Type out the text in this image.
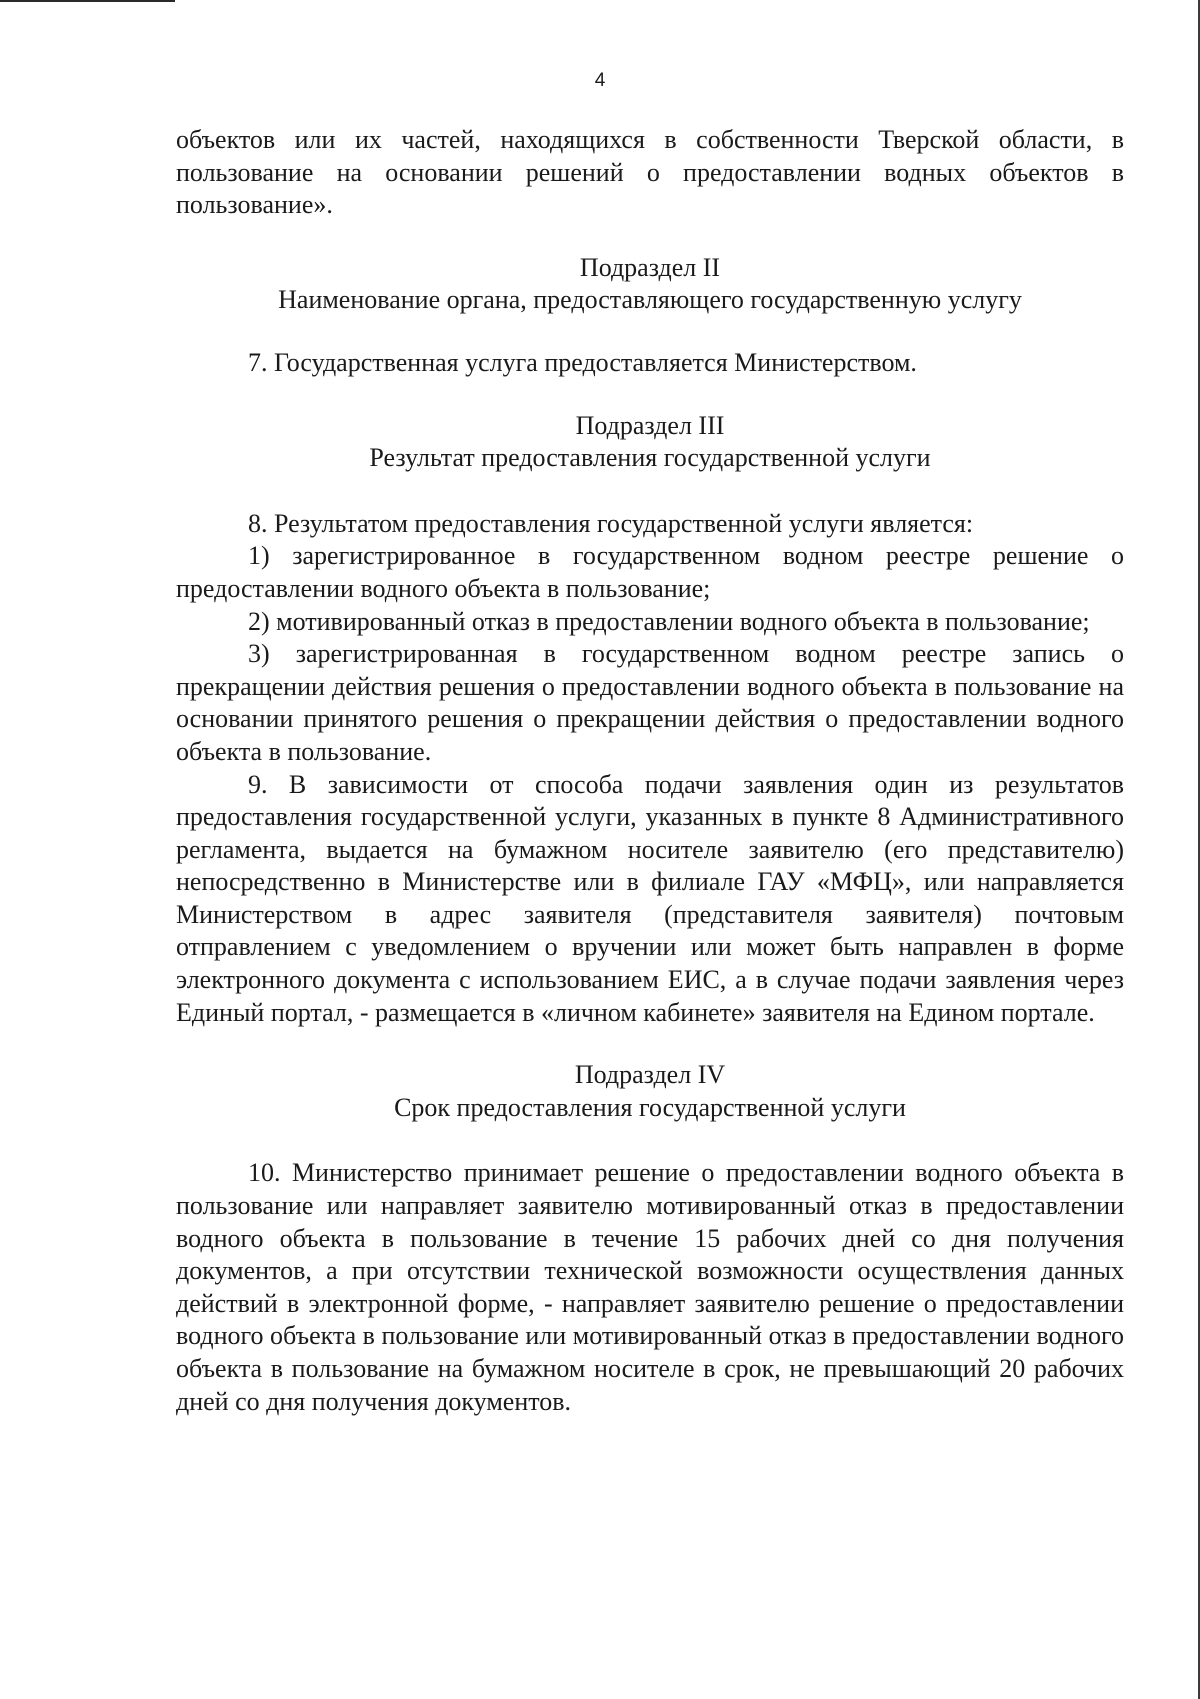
4

объектов или их частей, находящихся в собственности Тверской области, в пользование на основании решений о предоставлении водных объектов в пользование».

Подраздел II
Наименование органа, предоставляющего государственную услугу

7. Государственная услуга предоставляется Министерством.

Подраздел III
Результат предоставления государственной услуги

8. Результатом предоставления государственной услуги является:

1) зарегистрированное в государственном водном реестре решение о предоставлении водного объекта в пользование;

2) мотивированный отказ в предоставлении водного объекта в пользование;

3) зарегистрированная в государственном водном реестре запись о прекращении действия решения о предоставлении водного объекта в пользование на основании принятого решения о прекращении действия о предоставлении водного объекта в пользование.

9. В зависимости от способа подачи заявления один из результатов предоставления государственной услуги, указанных в пункте 8 Административного регламента, выдается на бумажном носителе заявителю (его представителю) непосредственно в Министерстве или в филиале ГАУ «МФЦ», или направляется Министерством в адрес заявителя (представителя заявителя) почтовым отправлением с уведомлением о вручении или может быть направлен в форме электронного документа с использованием ЕИС, а в случае подачи заявления через Единый портал, - размещается в «личном кабинете» заявителя на Едином портале.

Подраздел IV
Срок предоставления государственной услуги

10. Министерство принимает решение о предоставлении водного объекта в пользование или направляет заявителю мотивированный отказ в предоставлении водного объекта в пользование в течение 15 рабочих дней со дня получения документов, а при отсутствии технической возможности осуществления данных действий в электронной форме, - направляет заявителю решение о предоставлении водного объекта в пользование или мотивированный отказ в предоставлении водного объекта в пользование на бумажном носителе в срок, не превышающий 20 рабочих дней со дня получения документов.
